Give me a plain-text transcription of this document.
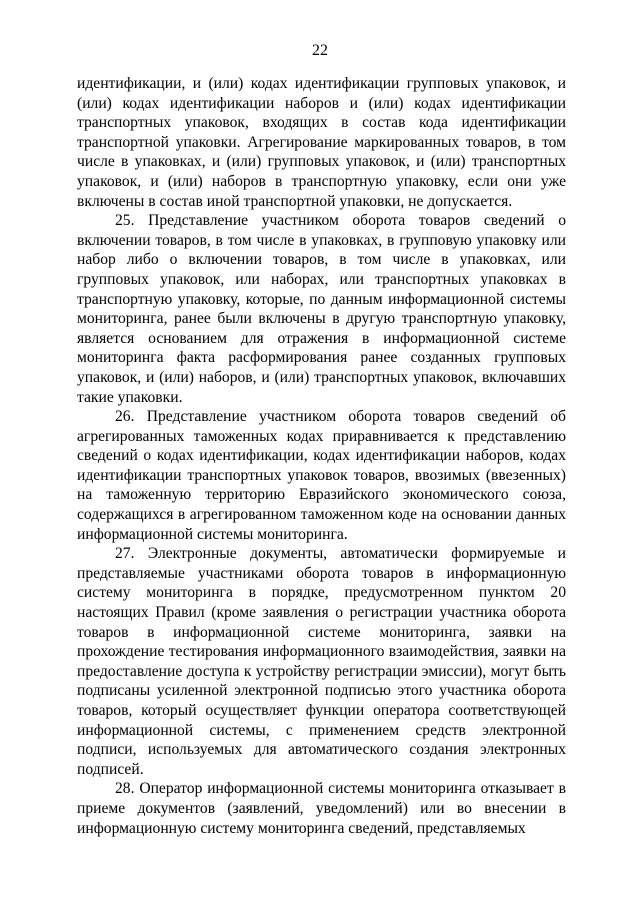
22

идентификации, и (или) кодах идентификации групповых упаковок, и (или) кодах идентификации наборов и (или) кодах идентификации транспортных упаковок, входящих в состав кода идентификации транспортной упаковки. Агрегирование маркированных товаров, в том числе в упаковках, и (или) групповых упаковок, и (или) транспортных упаковок, и (или) наборов в транспортную упаковку, если они уже включены в состав иной транспортной упаковки, не допускается.

25. Представление участником оборота товаров сведений о включении товаров, в том числе в упаковках, в групповую упаковку или набор либо о включении товаров, в том числе в упаковках, или групповых упаковок, или наборах, или транспортных упаковках в транспортную упаковку, которые, по данным информационной системы мониторинга, ранее были включены в другую транспортную упаковку, является основанием для отражения в информационной системе мониторинга факта расформирования ранее созданных групповых упаковок, и (или) наборов, и (или) транспортных упаковок, включавших такие упаковки.

26. Представление участником оборота товаров сведений об агрегированных таможенных кодах приравнивается к представлению сведений о кодах идентификации, кодах идентификации наборов, кодах идентификации транспортных упаковок товаров, ввозимых (ввезенных) на таможенную территорию Евразийского экономического союза, содержащихся в агрегированном таможенном коде на основании данных информационной системы мониторинга.

27. Электронные документы, автоматически формируемые и представляемые участниками оборота товаров в информационную систему мониторинга в порядке, предусмотренном пунктом 20 настоящих Правил (кроме заявления о регистрации участника оборота товаров в информационной системе мониторинга, заявки на прохождение тестирования информационного взаимодействия, заявки на предоставление доступа к устройству регистрации эмиссии), могут быть подписаны усиленной электронной подписью этого участника оборота товаров, который осуществляет функции оператора соответствующей информационной системы, с применением средств электронной подписи, используемых для автоматического создания электронных подписей.

28. Оператор информационной системы мониторинга отказывает в приеме документов (заявлений, уведомлений) или во внесении в информационную систему мониторинга сведений, представляемых
